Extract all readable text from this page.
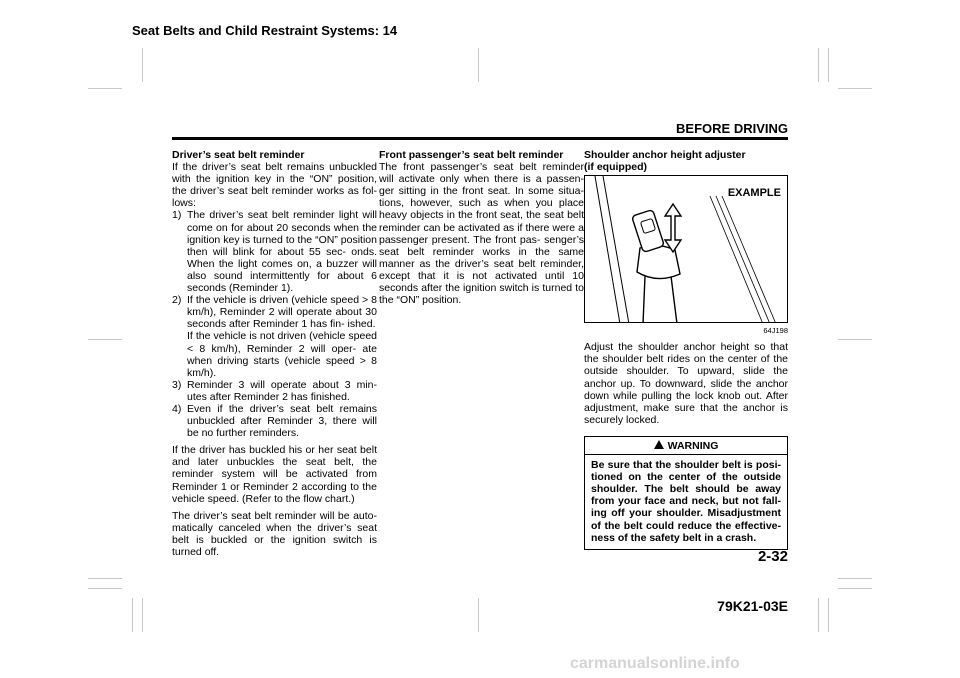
Seat Belts and Child Restraint Systems: 14
BEFORE DRIVING

Driver’s seat belt reminder

If the driver’s seat belt remains unbuckled with the ignition key in the “ON” position, the driver’s seat belt reminder works as fol- lows:

1) The driver’s seat belt reminder light will come on for about 20 seconds when the ignition key is turned to the “ON” position then will blink for about 55 sec- onds. When the light comes on, a buzzer will also sound intermittently for about 6 seconds (Reminder 1).
2) If the vehicle is driven (vehicle speed > 8 km/h), Reminder 2 will operate about 30 seconds after Reminder 1 has fin- ished.
If the vehicle is not driven (vehicle speed < 8 km/h), Reminder 2 will oper- ate when driving starts (vehicle speed > 8 km/h).
3) Reminder 3 will operate about 3 min- utes after Reminder 2 has finished.
4) Even if the driver’s seat belt remains unbuckled after Reminder 3, there will be no further reminders.

If the driver has buckled his or her seat belt and later unbuckles the seat belt, the reminder system will be activated from Reminder 1 or Reminder 2 according to the vehicle speed. (Refer to the flow chart.)

The driver’s seat belt reminder will be auto- matically canceled when the driver’s seat belt is buckled or the ignition switch is turned off.

Front passenger’s seat belt reminder

The front passenger’s seat belt reminder will activate only when there is a passen- ger sitting in the front seat. In some situa- tions, however, such as when you place heavy objects in the front seat, the seat belt reminder can be activated as if there were a passenger present. The front pas- senger’s seat belt reminder works in the same manner as the driver’s seat belt reminder, except that it is not activated until 10 seconds after the ignition switch is turned to the “ON” position.

Shoulder anchor height adjuster

(if equipped)

EXAMPLE
64J198

Adjust the shoulder anchor height so that the shoulder belt rides on the center of the outside shoulder. To upward, slide the anchor up. To downward, slide the anchor down while pulling the lock knob out. After adjustment, make sure that the anchor is securely locked.

WARNING
Be sure that the shoulder belt is posi- tioned on the center of the outside shoulder. The belt should be away from your face and neck, but not fall- ing off your shoulder. Misadjustment of the belt could reduce the effective- ness of the safety belt in a crash.
2-32
79K21-03E
carmanualsonline.info
